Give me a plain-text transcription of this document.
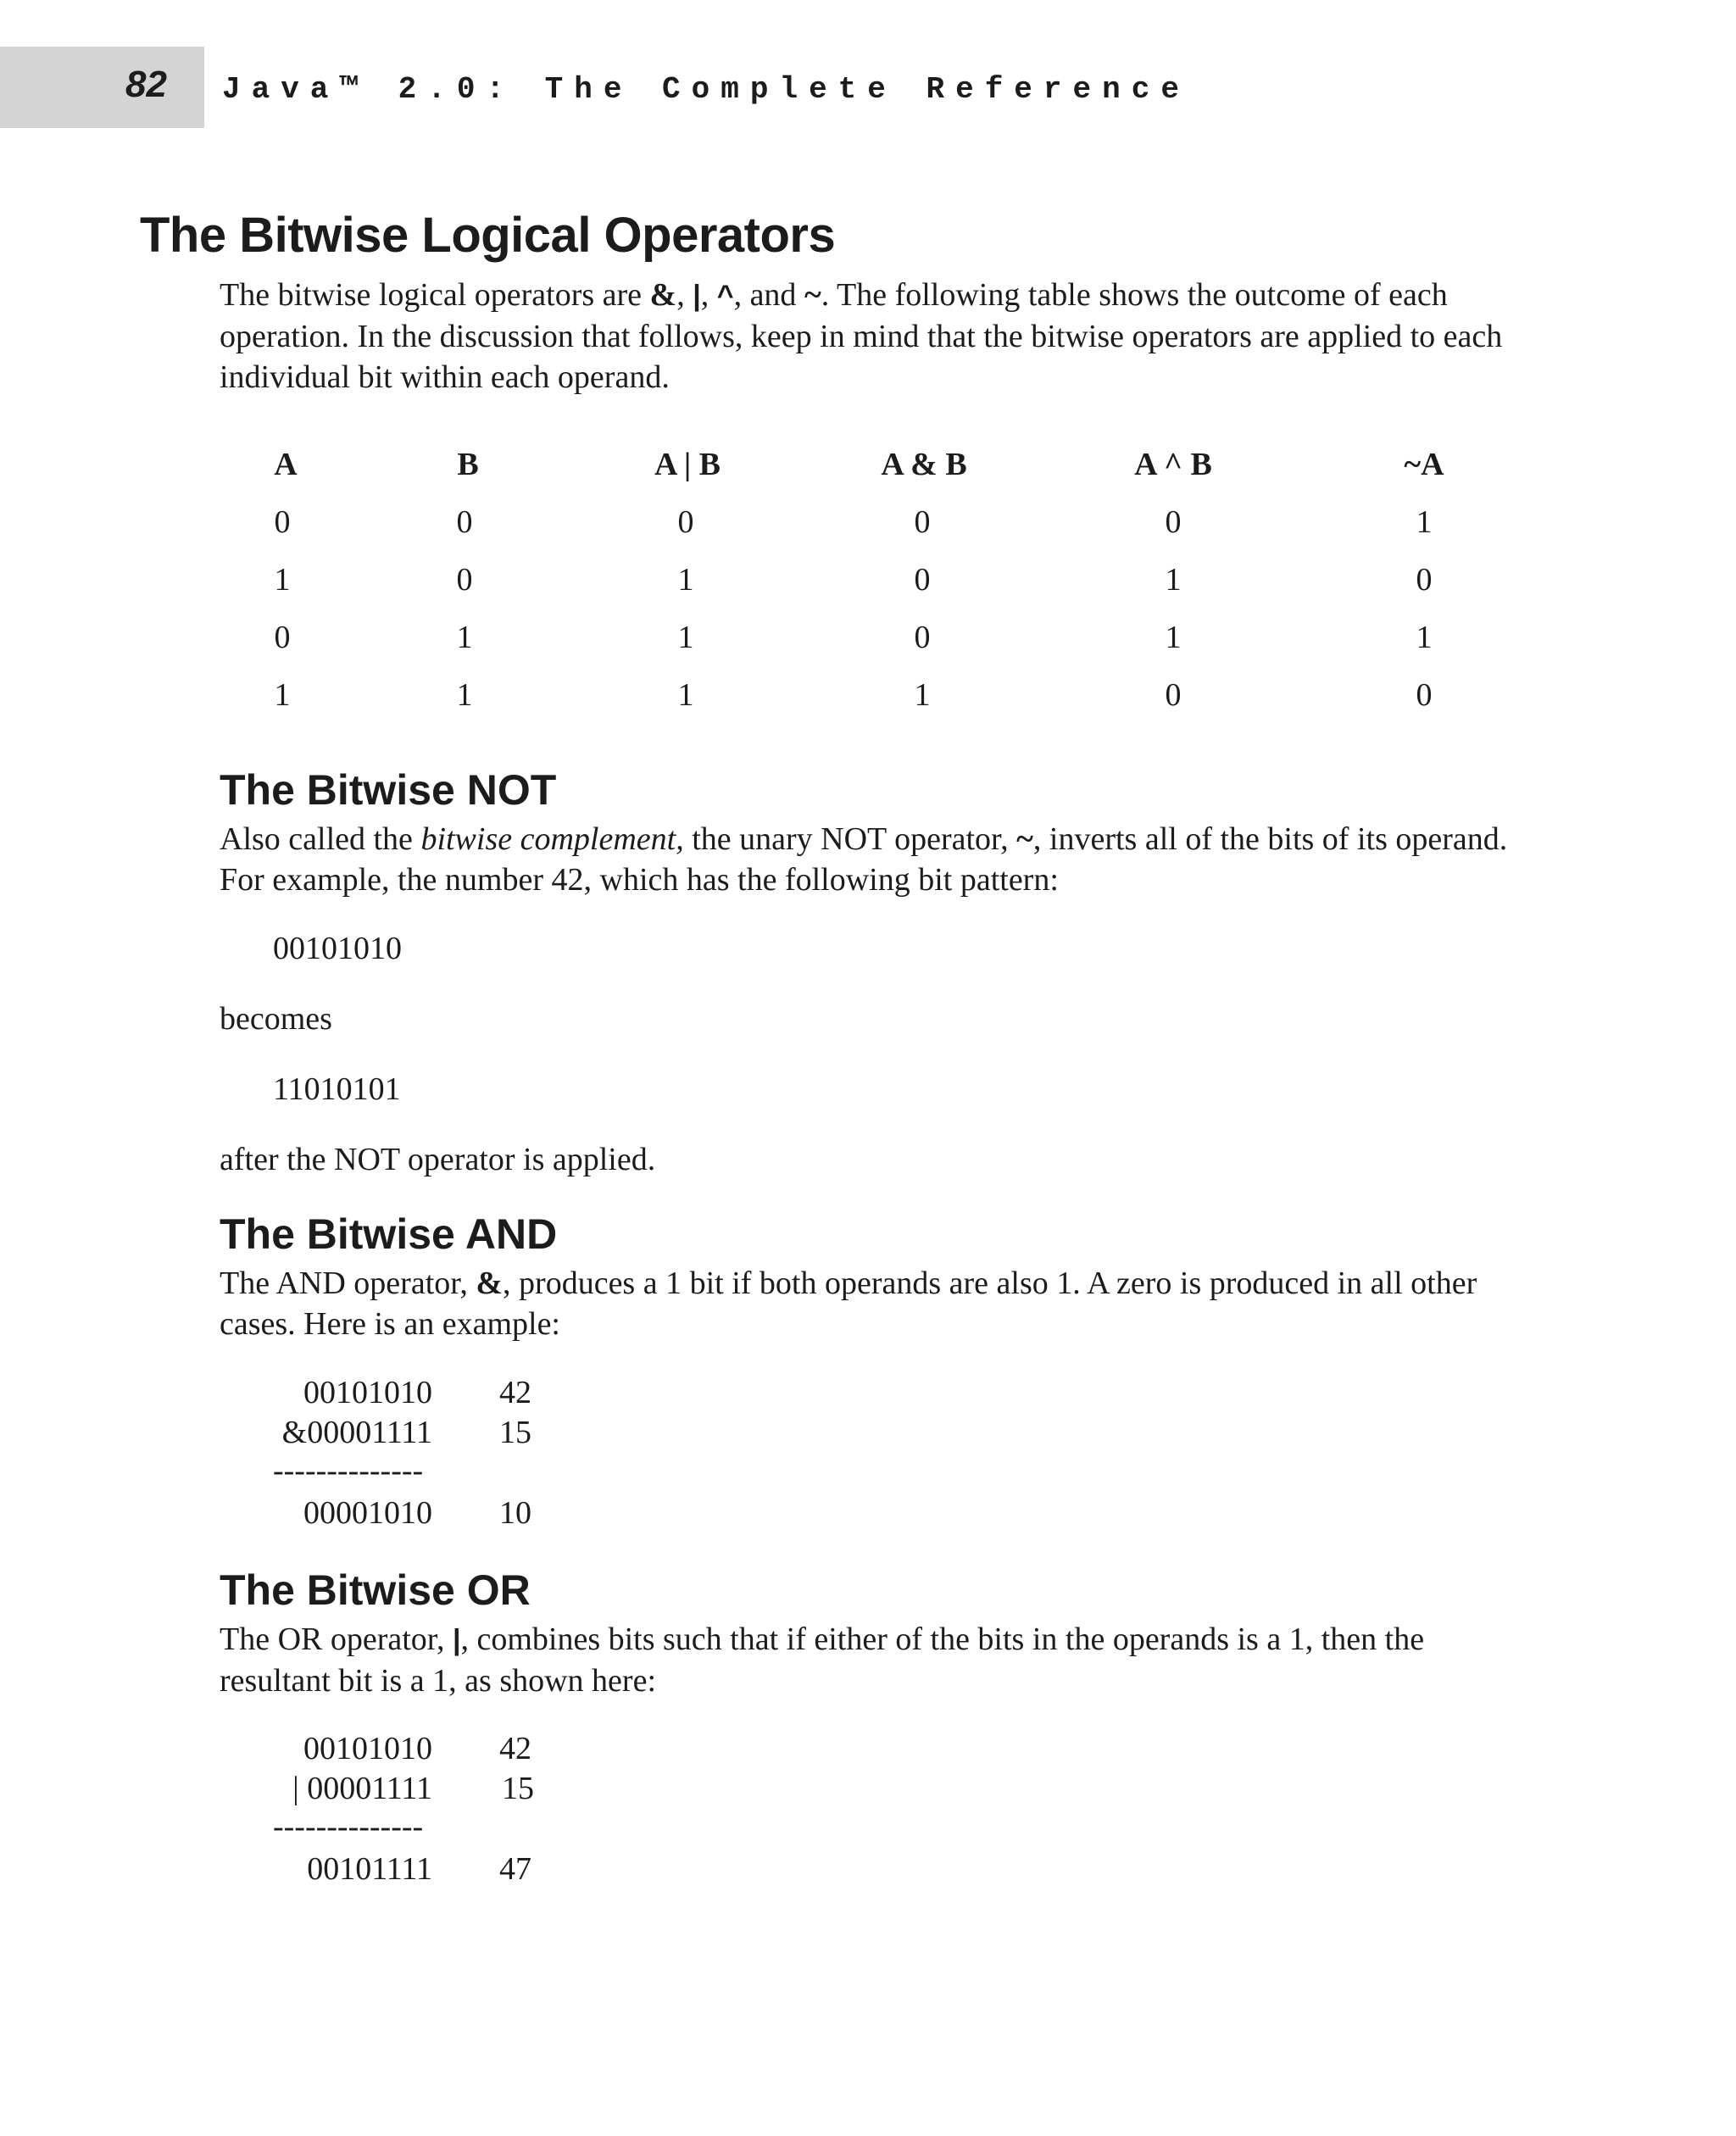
82 Java™ 2.0: The Complete Reference
The Bitwise Logical Operators

The bitwise logical operators are &, |, ^, and ~. The following table shows the outcome of each operation. In the discussion that follows, keep in mind that the bitwise operators are applied to each individual bit within each operand.

A	B	A | B	A & B	A ^ B	~A
0	0	0	0	0	1
1	0	1	0	1	0
0	1	1	0	1	1
1	1	1	1	0	0
The Bitwise NOT

Also called the bitwise complement, the unary NOT operator, ~, inverts all of the bits of its operand. For example, the number 42, which has the following bit pattern:

00101010
becomes
11010101
after the NOT operator is applied.
The Bitwise AND

The AND operator, &, produces a 1 bit if both operands are also 1. A zero is produced in all other cases. Here is an example:

00101010	42
&00001111	15
--------------
00001010	10
The Bitwise OR

The OR operator, |, combines bits such that if either of the bits in the operands is a 1, then the resultant bit is a 1, as shown here:

00101010	42
| 00001111	15
--------------
00101111	47
